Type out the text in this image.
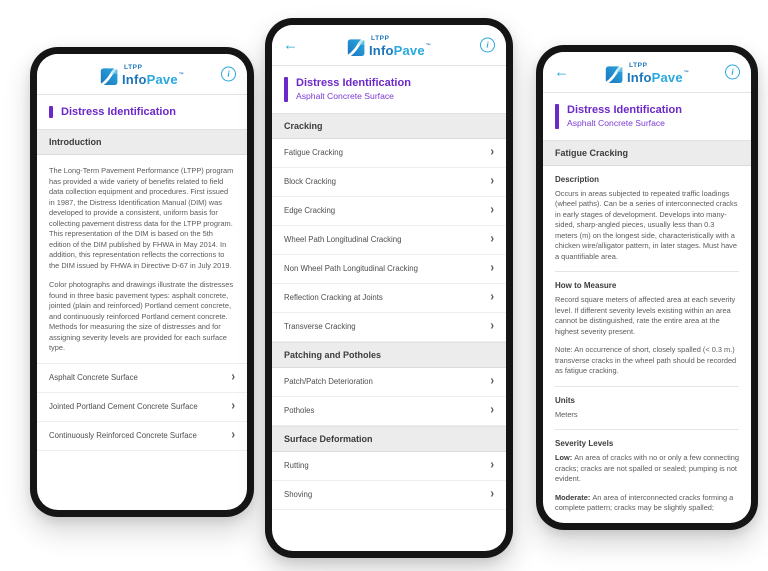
LTPP
InfoPave™	i
Distress Identification
Introduction

The Long-Term Pavement Performance (LTPP) program has provided a wide variety of benefits related to field data collection equipment and procedures. First issued in 1987, the Distress Identification Manual (DIM) was developed to provide a consistent, uniform basis for collecting pavement distress data for the LTPP program. This representation of the DIM is based on the 5th edition of the DIM published by FHWA in May 2014. In addition, this representation reflects the corrections to the DIM issued by FHWA in Directive D-67 in July 2019.

Color photographs and drawings illustrate the distresses found in three basic pavement types: asphalt concrete, jointed (plain and reinforced) Portland cement concrete, and continuously reinforced Portland cement concrete. Methods for measuring the size of distresses and for assigning severity levels are provided for each surface type.

Asphalt Concrete Surface	›
Jointed Portland Cement Concrete Surface	›
Continuously Reinforced Concrete Surface	›
←	LTPP
InfoPave™	i
Distress Identification
Asphalt Concrete Surface
Cracking
Fatigue Cracking	›
Block Cracking	›
Edge Cracking	›
Wheel Path Longitudinal Cracking	›
Non Wheel Path Longitudinal Cracking	›
Reflection Cracking at Joints	›
Transverse Cracking	›
Patching and Potholes
Patch/Patch Deterioration	›
Potholes	›
Surface Deformation
Rutting	›
Shoving	›
←	LTPP
InfoPave™	i
Distress Identification
Asphalt Concrete Surface
Fatigue Cracking
Description

Occurs in areas subjected to repeated traffic loadings (wheel paths). Can be a series of interconnected cracks in early stages of development. Develops into many-sided, sharp-angled pieces, usually less than 0.3 meters (m) on the longest side, characteristically with a chicken wire/alligator pattern, in later stages. Must have a quantifiable area.

How to Measure

Record square meters of affected area at each severity level. If different severity levels existing within an area cannot be distinguished, rate the entire area at the highest severity present.

Note: An occurrence of short, closely spalled (< 0.3 m.) transverse cracks in the wheel path should be recorded as fatigue cracking.

Units

Meters

Severity Levels

Low: An area of cracks with no or only a few connecting cracks; cracks are not spalled or sealed; pumping is not evident.

Moderate: An area of interconnected cracks forming a complete pattern; cracks may be slightly spalled;
